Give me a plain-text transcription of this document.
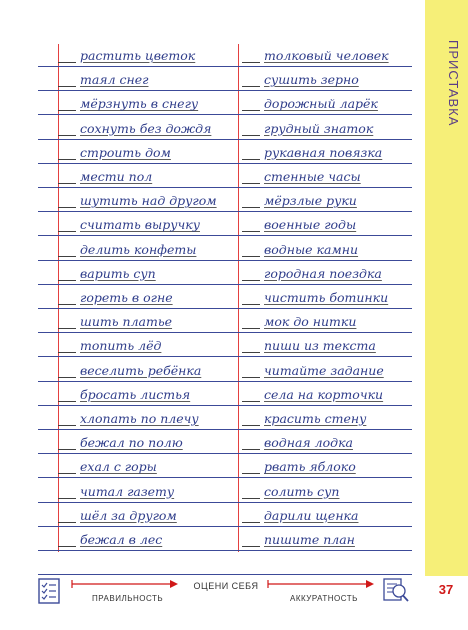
ПРИСТАВКА
37
растить цветок
таял снег
мёрзнуть в снегу
сохнуть без дождя
строить дом
мести пол
шутить над другом
считать выручку
делить конфеты
варить суп
гореть в огне
шить платье
топить лёд
веселить ребёнка
бросать листья
хлопать по плечу
бежал по полю
ехал с горы
читал газету
шёл за другом
бежал в лес
толковый человек
сушить зерно
дорожный ларёк
грудный знаток
рукавная повязка
стенные часы
мёрзлые руки
военные годы
водные камни
городная поездка
чистить ботинки
мок до нитки
пиши из текста
читайте задание
села на корточки
красить стену
водная лодка
рвать яблоко
солить суп
дарили щенка
пишите план
ПРАВИЛЬНОСТЬ
ОЦЕНИ СЕБЯ
АККУРАТНОСТЬ
